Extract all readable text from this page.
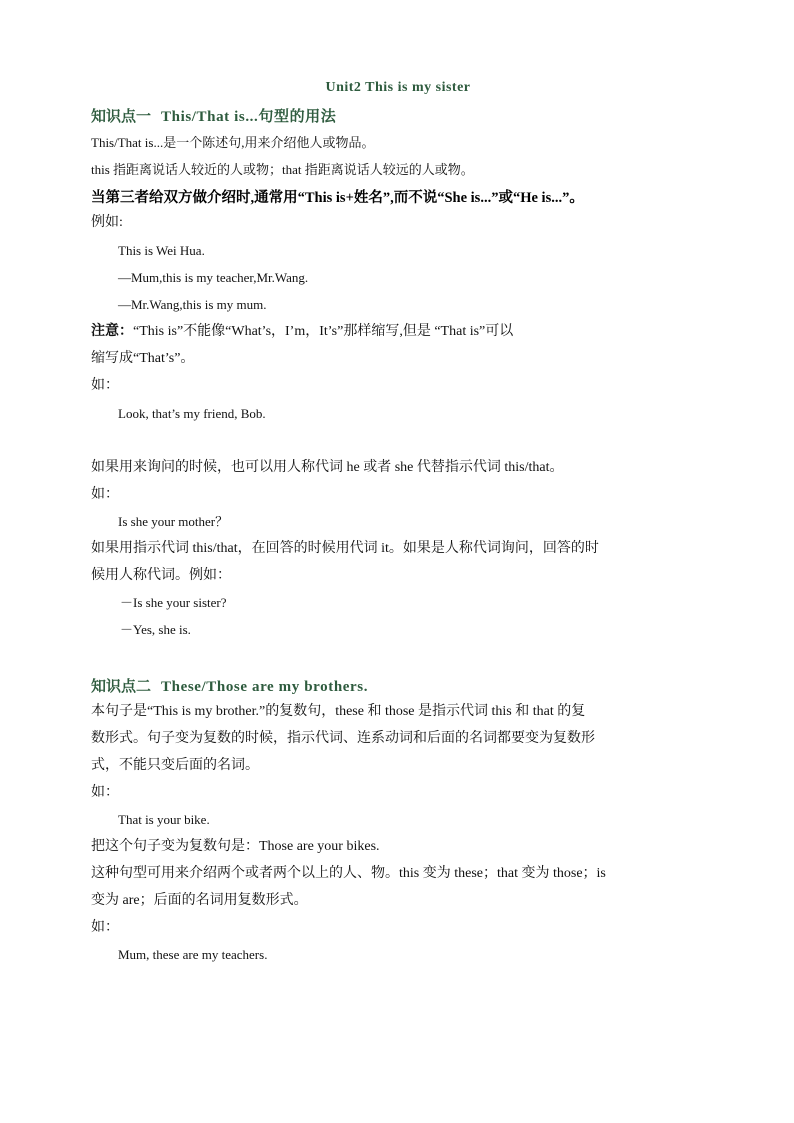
Unit2 This is my sister
知识点一 This/That is...句型的用法
This/That is...是一个陈述句,用来介绍他人或物品。
this 指距离说话人较近的人或物；that 指距离说话人较远的人或物。
当第三者给双方做介绍时,通常用“This is+姓名”,而不说“She is...”或“He is...”。
例如:
This is Wei Hua.
—Mum,this is my teacher,Mr.Wang.
—Mr.Wang,this is my mum.
注意：“This is”不能像“What’s，I’m，It’s”那样缩写,但是 “That is”可以
缩写成“That’s”。
如：
Look, that’s my friend, Bob.
如果用来询问的时候，也可以用人称代词 he 或者 she 代替指示代词 this/that。
如：
Is she your mother？
如果用指示代词 this/that，在回答的时候用代词 it。如果是人称代词询问，回答的时
候用人称代词。例如：
－Is she your sister?
－Yes, she is.
知识点二 These/Those are my brothers.
本句子是“This is my brother.”的复数句，these 和 those 是指示代词 this 和 that 的复
数形式。句子变为复数的时候，指示代词、连系动词和后面的名词都要变为复数形
式，不能只变后面的名词。
如：
That is your bike.
把这个句子变为复数句是：Those are your bikes.
这种句型可用来介绍两个或者两个以上的人、物。this 变为 these；that 变为 those；is
变为 are；后面的名词用复数形式。
如：
Mum, these are my teachers.
